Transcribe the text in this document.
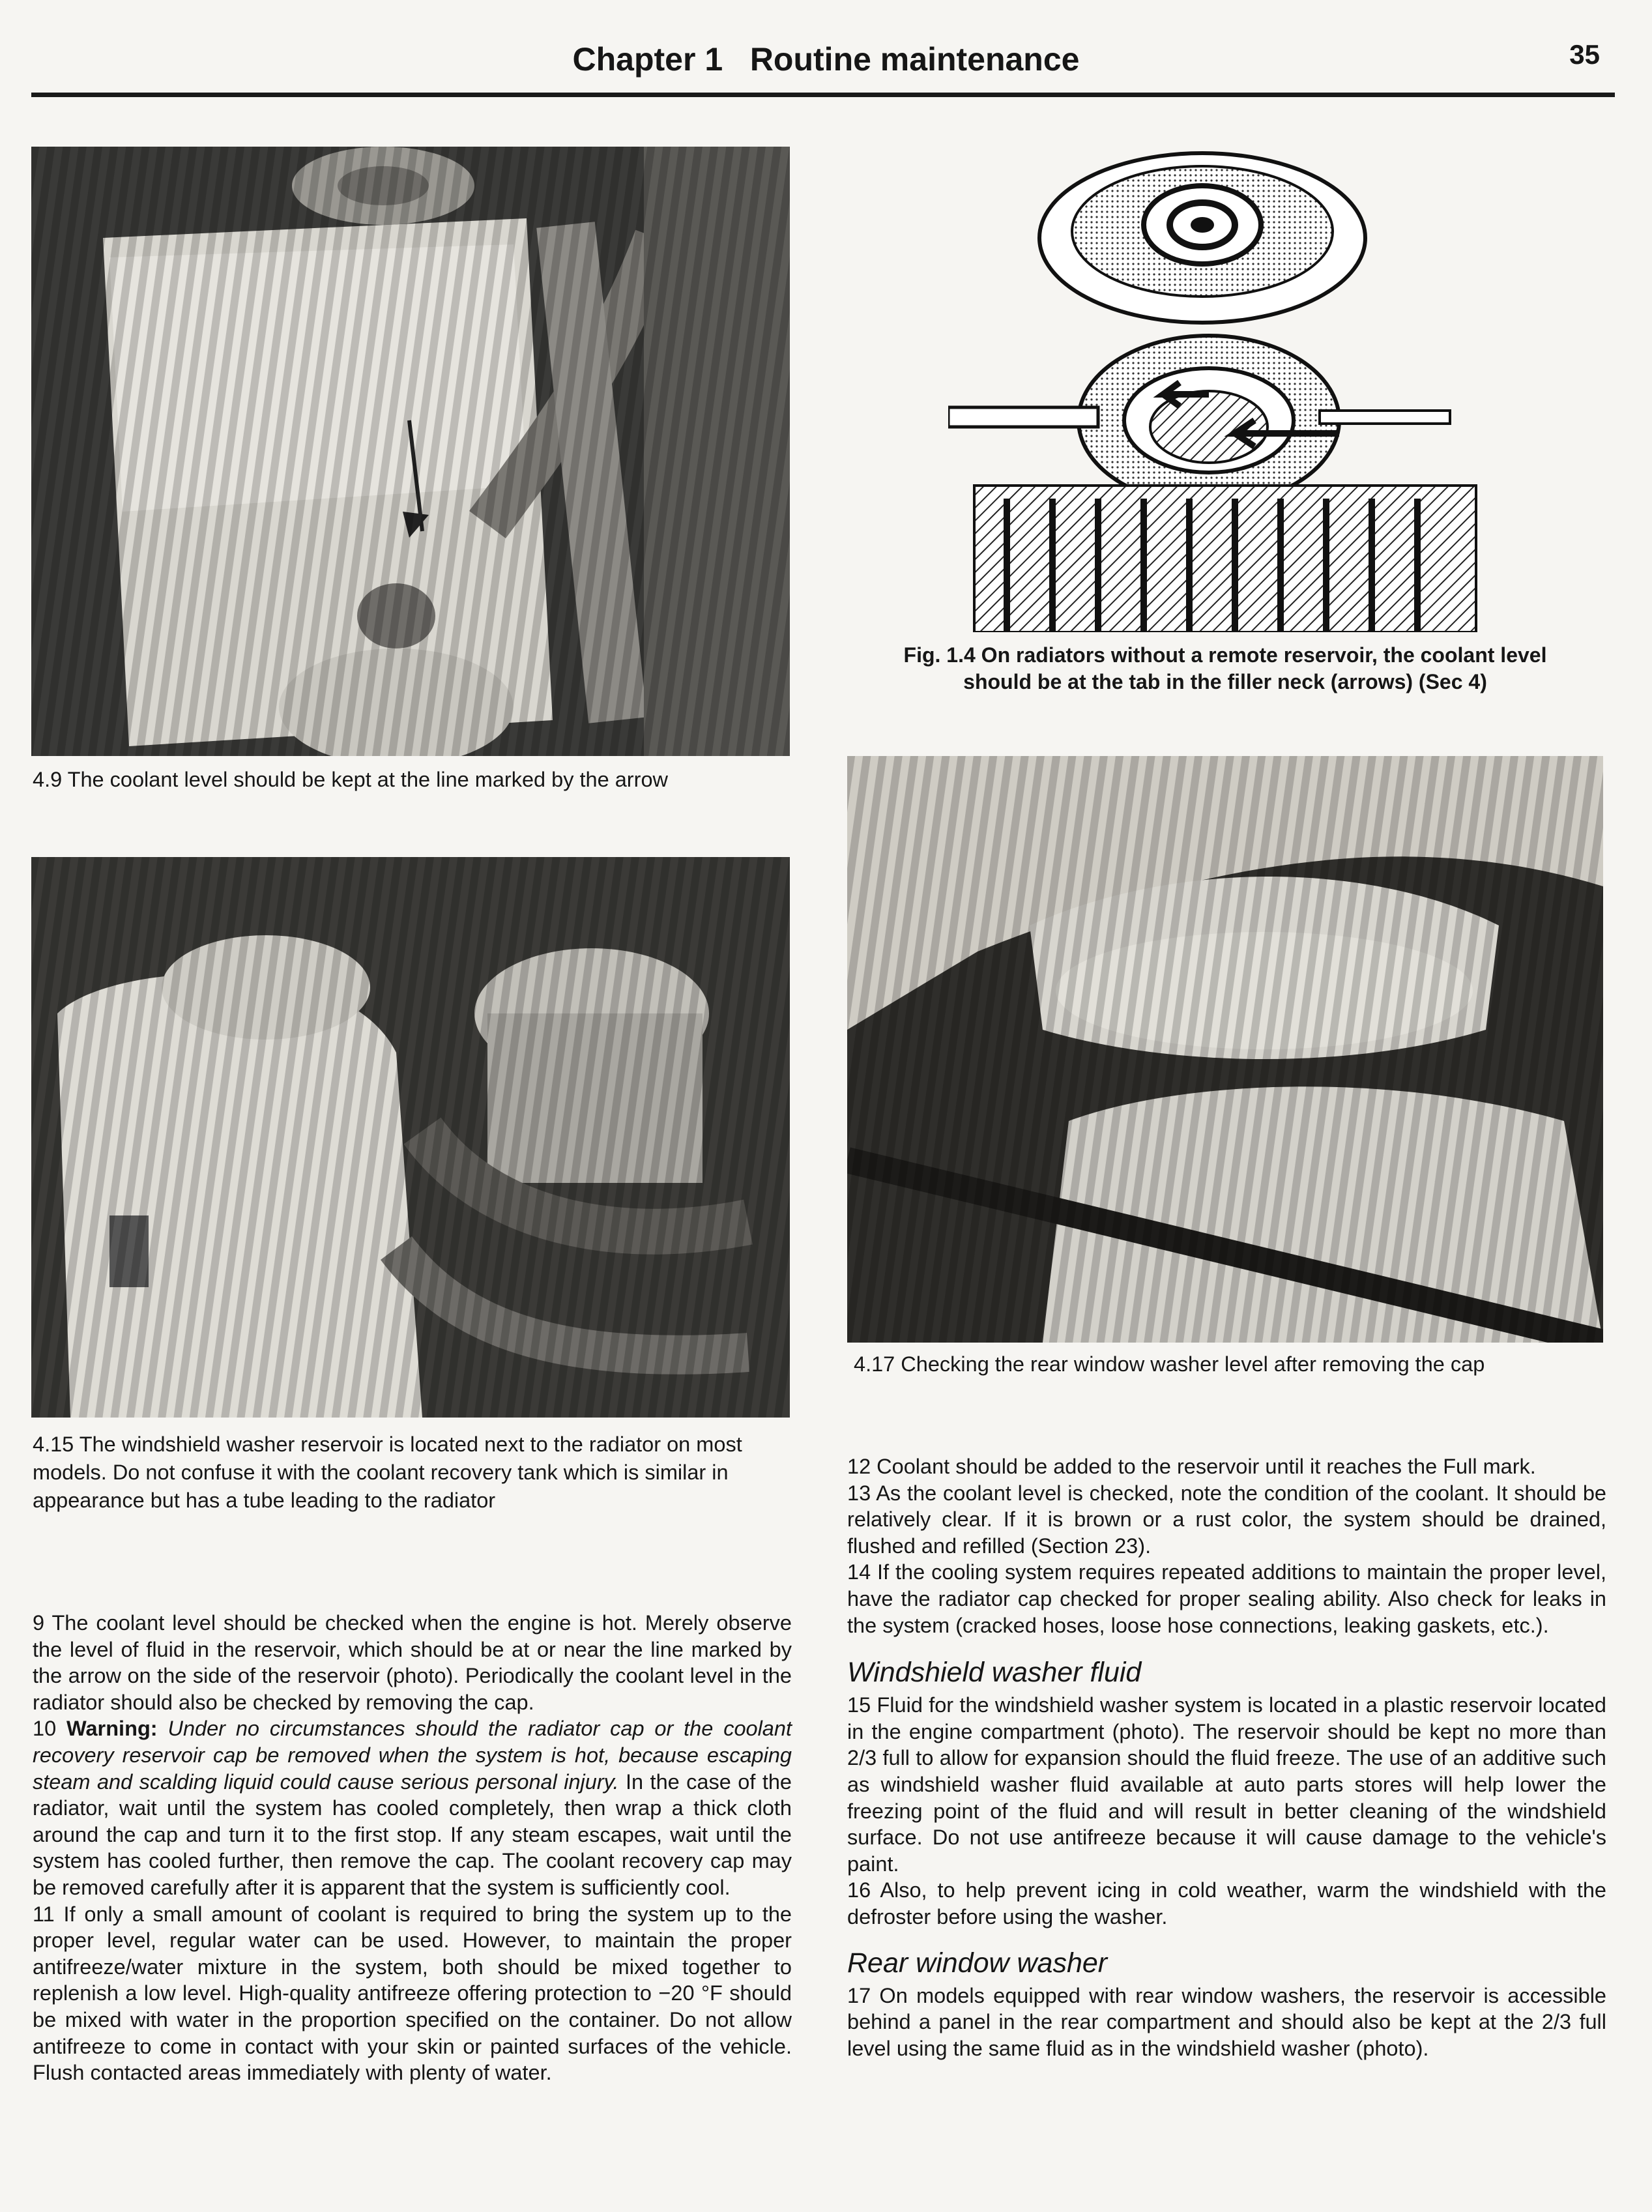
Chapter 1 Routine maintenance	35
4.9 The coolant level should be kept at the line marked by the arrow
Fig. 1.4 On radiators without a remote reservoir, the coolant level should be at the tab in the filler neck (arrows) (Sec 4)
4.15 The windshield washer reservoir is located next to the radiator on most models. Do not confuse it with the coolant recovery tank which is similar in appearance but has a tube leading to the radiator
4.17 Checking the rear window washer level after removing the cap

9 The coolant level should be checked when the engine is hot. Merely observe the level of fluid in the reservoir, which should be at or near the line marked by the arrow on the side of the reservoir (photo). Periodically the coolant level in the radiator should also be checked by removing the cap.

10 Warning: Under no circumstances should the radiator cap or the coolant recovery reservoir cap be removed when the system is hot, because escaping steam and scalding liquid could cause serious personal injury. In the case of the radiator, wait until the system has cooled completely, then wrap a thick cloth around the cap and turn it to the first stop. If any steam escapes, wait until the system has cooled further, then remove the cap. The coolant recovery cap may be removed carefully after it is apparent that the system is sufficiently cool.

11 If only a small amount of coolant is required to bring the system up to the proper level, regular water can be used. However, to maintain the proper antifreeze/water mixture in the system, both should be mixed together to replenish a low level. High-quality antifreeze offering protection to −20 °F should be mixed with water in the proportion specified on the container. Do not allow antifreeze to come in contact with your skin or painted surfaces of the vehicle. Flush contacted areas immediately with plenty of water.

12 Coolant should be added to the reservoir until it reaches the Full mark.

13 As the coolant level is checked, note the condition of the coolant. It should be relatively clear. If it is brown or a rust color, the system should be drained, flushed and refilled (Section 23).

14 If the cooling system requires repeated additions to maintain the proper level, have the radiator cap checked for proper sealing ability. Also check for leaks in the system (cracked hoses, loose hose connections, leaking gaskets, etc.).

Windshield washer fluid

15 Fluid for the windshield washer system is located in a plastic reservoir located in the engine compartment (photo). The reservoir should be kept no more than 2/3 full to allow for expansion should the fluid freeze. The use of an additive such as windshield washer fluid available at auto parts stores will help lower the freezing point of the fluid and will result in better cleaning of the windshield surface. Do not use antifreeze because it will cause damage to the vehicle's paint.

16 Also, to help prevent icing in cold weather, warm the windshield with the defroster before using the washer.

Rear window washer

17 On models equipped with rear window washers, the reservoir is accessible behind a panel in the rear compartment and should also be kept at the 2/3 full level using the same fluid as in the windshield washer (photo).
